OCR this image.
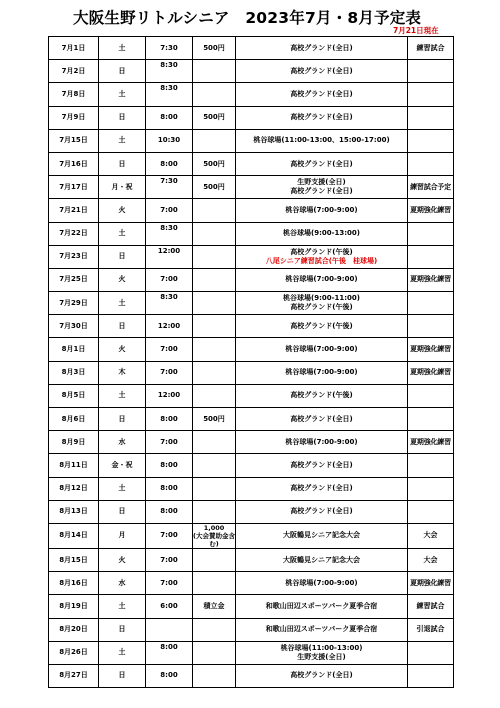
大阪生野リトルシニア　2023年7月・8月予定表
7月21日現在
7月1日	土	7:30	500円	高校グランド(全日)	練習試合
7月2日	日	8:30		高校グランド(全日)	

7月8日	土	8:30		高校グランド(全日)	

7月9日	日	8:00	500円	高校グランド(全日)	

7月15日	土	10:30		桃谷球場(11:00-13:00、15:00-17:00)	

7月16日	日	8:00	500円	高校グランド(全日)	

7月17日	月・祝	7:30	500円	生野支援(全日)
高校グランド(全日)	練習試合予定
7月21日	火	7:00		桃谷球場(7:00-9:00)	夏期強化練習
7月22日	土	8:30		桃谷球場(9:00-13:00)	

7月23日	日	12:00		高校グランド(午後)
八尾シニア練習試合(午後　桂球場)	

7月25日	火	7:00		桃谷球場(7:00-9:00)	夏期強化練習
7月29日	土	8:30		桃谷球場(9:00-11:00)
高校グランド(午後)	

7月30日	日	12:00		高校グランド(午後)	

8月1日	火	7:00		桃谷球場(7:00-9:00)	夏期強化練習
8月3日	木	7:00		桃谷球場(7:00-9:00)	夏期強化練習
8月5日	土	12:00		高校グランド(午後)	

8月6日	日	8:00	500円	高校グランド(全日)	

8月9日	水	7:00		桃谷球場(7:00-9:00)	夏期強化練習
8月11日	金・祝	8:00		高校グランド(全日)	

8月12日	土	8:00		高校グランド(全日)	

8月13日	日	8:00		高校グランド(全日)	

8月14日	月	7:00	1,000
(大会賛助金含む)	大阪鶴見シニア記念大会	大会
8月15日	火	7:00		大阪鶴見シニア記念大会	大会
8月16日	水	7:00		桃谷球場(7:00-9:00)	夏期強化練習
8月19日	土	6:00	積立金	和歌山田辺スポーツパーク夏季合宿	練習試合
8月20日	日			和歌山田辺スポーツパーク夏季合宿	引退試合
8月26日	土	8:00		桃谷球場(11:00-13:00)
生野支援(全日)	

8月27日	日	8:00		高校グランド(全日)	
